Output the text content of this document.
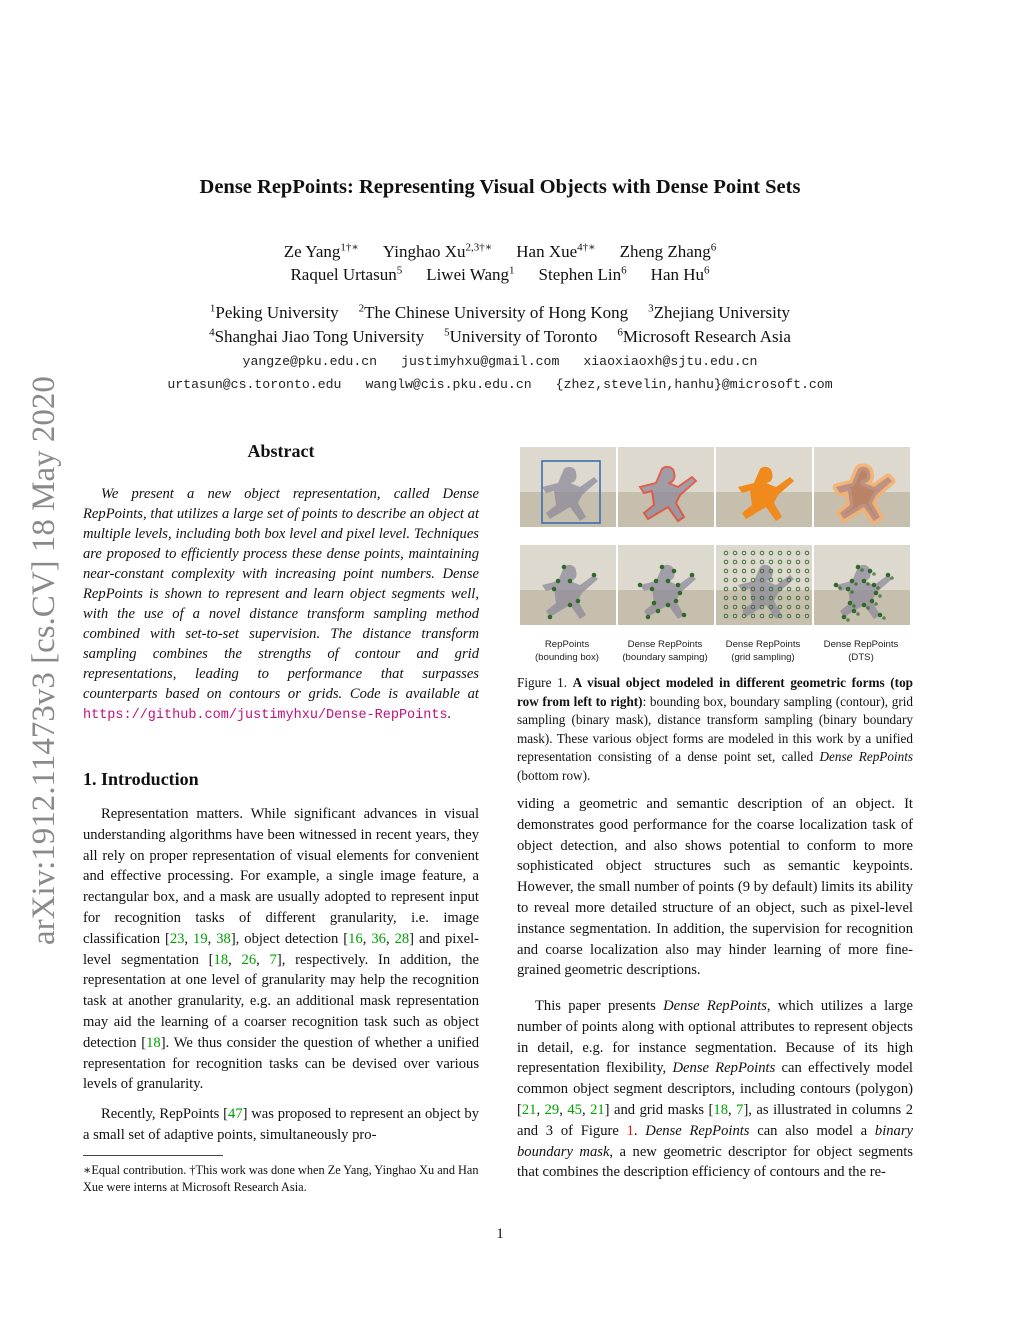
arXiv:1912.11473v3 [cs.CV] 18 May 2020
Dense RepPoints: Representing Visual Objects with Dense Point Sets
Ze Yang$^{1\dagger∗}$ Yinghao $Xu^{2,3\dagger∗}$ Han Xue$^{4\dagger∗}$ Zheng Zhang$^6$
Raquel Urtasun$^5$ Liwei Wang$^1$ Stephen Lin$^6$ Han Hu$^6$
$^1$Peking University $^2$The Chinese University of Hong Kong $^3$Zhejiang University
$^4$Shanghai Jiao Tong University $^5$University of Toronto $^6$Microsoft Research Asia
yangze@pku.edu.cn justimyhxu@gmail.com xiaoxiaoxh@sjtu.edu.cn
urtasun@cs.toronto.edu wanglw@cis.pku.edu.cn {zhez,stevelin,hanhu}@microsoft.com
Abstract
We present a new object representation, called Dense RepPoints, that utilizes a large set of points to describe an object at multiple levels, including both box level and pixel level. Techniques are proposed to efficiently process these dense points, maintaining near-constant complexity with increasing point numbers. Dense RepPoints is shown to represent and learn object segments well, with the use of a novel distance transform sampling method combined with set-to-set supervision. The distance transform sampling combines the strengths of contour and grid representations, leading to performance that surpasses counterparts based on contours or grids. Code is available at https://github.com/justimyhxu/Dense-RepPoints.
1. Introduction
Representation matters. While significant advances in visual understanding algorithms have been witnessed in recent years, they all rely on proper representation of visual elements for convenient and effective processing. For example, a single image feature, a rectangular box, and a mask are usually adopted to represent input for recognition tasks of different granularity, i.e. image classification [23, 19, 38], object detection [16, 36, 28] and pixel-level segmentation [18, 26, 7], respectively. In addition, the representation at one level of granularity may help the recognition task at another granularity, e.g. an additional mask representation may aid the learning of a coarser recognition task such as object detection [18]. We thus consider the question of whether a unified representation for recognition tasks can be devised over various levels of granularity.
Recently, RepPoints [47] was proposed to represent an object by a small set of adaptive points, simultaneously pro-
∗Equal contribution. †This work was done when Ze Yang, Yinghao Xu and Han Xue were interns at Microsoft Research Asia.
RepPoints
(bounding box)
Dense RepPoints
(boundary samping)
Dense RepPoints
(grid sampling)
Dense RepPoints
(DTS)
Figure 1. A visual object modeled in different geometric forms (top row from left to right): bounding box, boundary sampling (contour), grid sampling (binary mask), distance transform sampling (binary boundary mask). These various object forms are modeled in this work by a unified representation consisting of a dense point set, called Dense RepPoints (bottom row).
viding a geometric and semantic description of an object. It demonstrates good performance for the coarse localization task of object detection, and also shows potential to conform to more sophisticated object structures such as semantic keypoints. However, the small number of points (9 by default) limits its ability to reveal more detailed structure of an object, such as pixel-level instance segmentation. In addition, the supervision for recognition and coarse localization also may hinder learning of more fine-grained geometric descriptions.
This paper presents Dense RepPoints, which utilizes a large number of points along with optional attributes to represent objects in detail, e.g. for instance segmentation. Because of its high representation flexibility, Dense RepPoints can effectively model common object segment descriptors, including contours (polygon) [21, 29, 45, 21] and grid masks [18, 7], as illustrated in columns 2 and 3 of Figure 1. Dense RepPoints can also model a binary boundary mask, a new geometric descriptor for object segments that combines the description efficiency of contours and the re-
1
